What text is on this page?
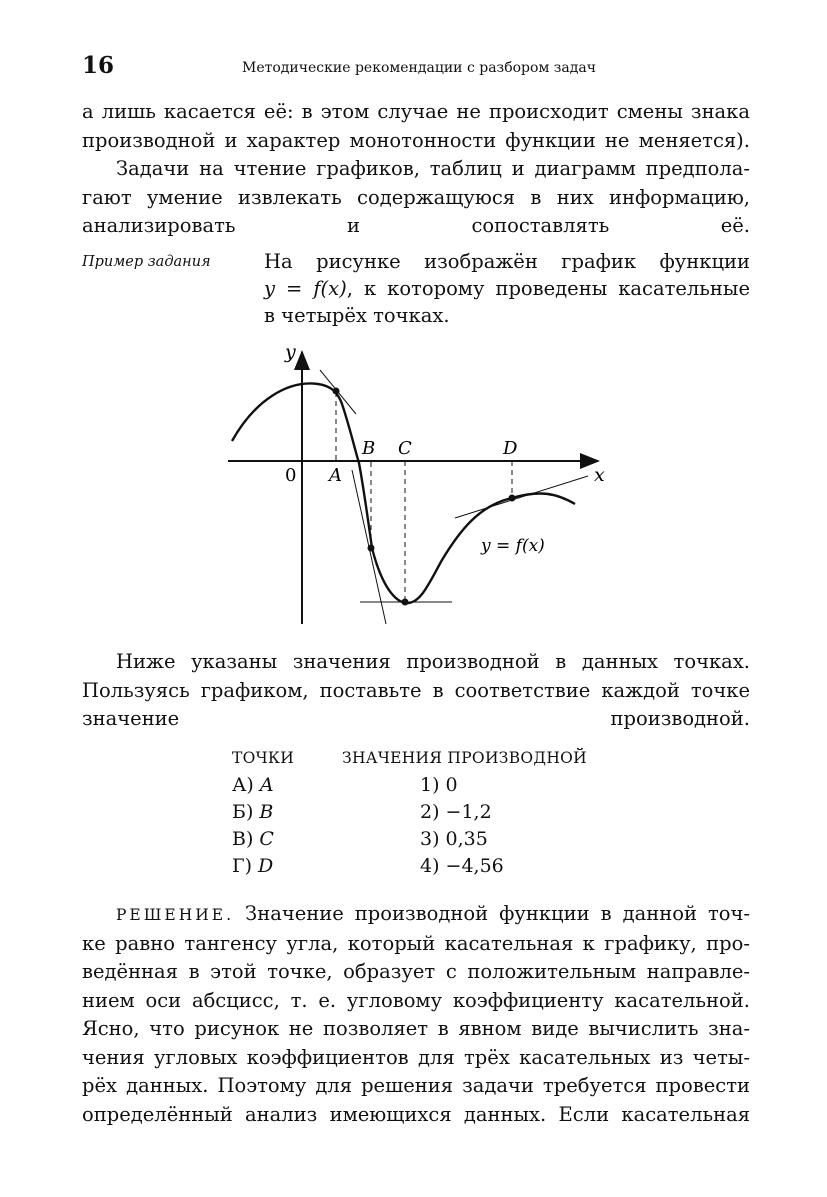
16	Методические рекомендации с разбором задач
а лишь касается её: в этом случае не происходит смены знака
производной и характер монотонности функции не меняется).
Задачи на чтение графиков, таблиц и диаграмм предпола-
гают умение извлекать содержащуюся в них информацию,
анализировать и сопоставлять её.
Пример задания	На рисунке изображён график функции
y = f(x), к которому проведены касательные
в четырёх точках.
y
x
0 A
B C	D
y = f(x)
Ниже указаны значения производной в данных точках.
Пользуясь графиком, поставьте в соответствие каждой точке
значение производной.
ТОЧКИ	ЗНАЧЕНИЯ ПРОИЗВОДНОЙ
А) A	1) 0
Б) B	2) −1,2
В) C	3) 0,35
Г) D	4) −4,56
РЕШЕНИЕ. Значение производной функции в данной точ-
ке равно тангенсу угла, который касательная к графику, про-
ведённая в этой точке, образует с положительным направле-
нием оси абсцисс, т. е. угловому коэффициенту касательной.
Ясно, что рисунок не позволяет в явном виде вычислить зна-
чения угловых коэффициентов для трёх касательных из четы-
рёх данных. Поэтому для решения задачи требуется провести
определённый анализ имеющихся данных. Если касательная
